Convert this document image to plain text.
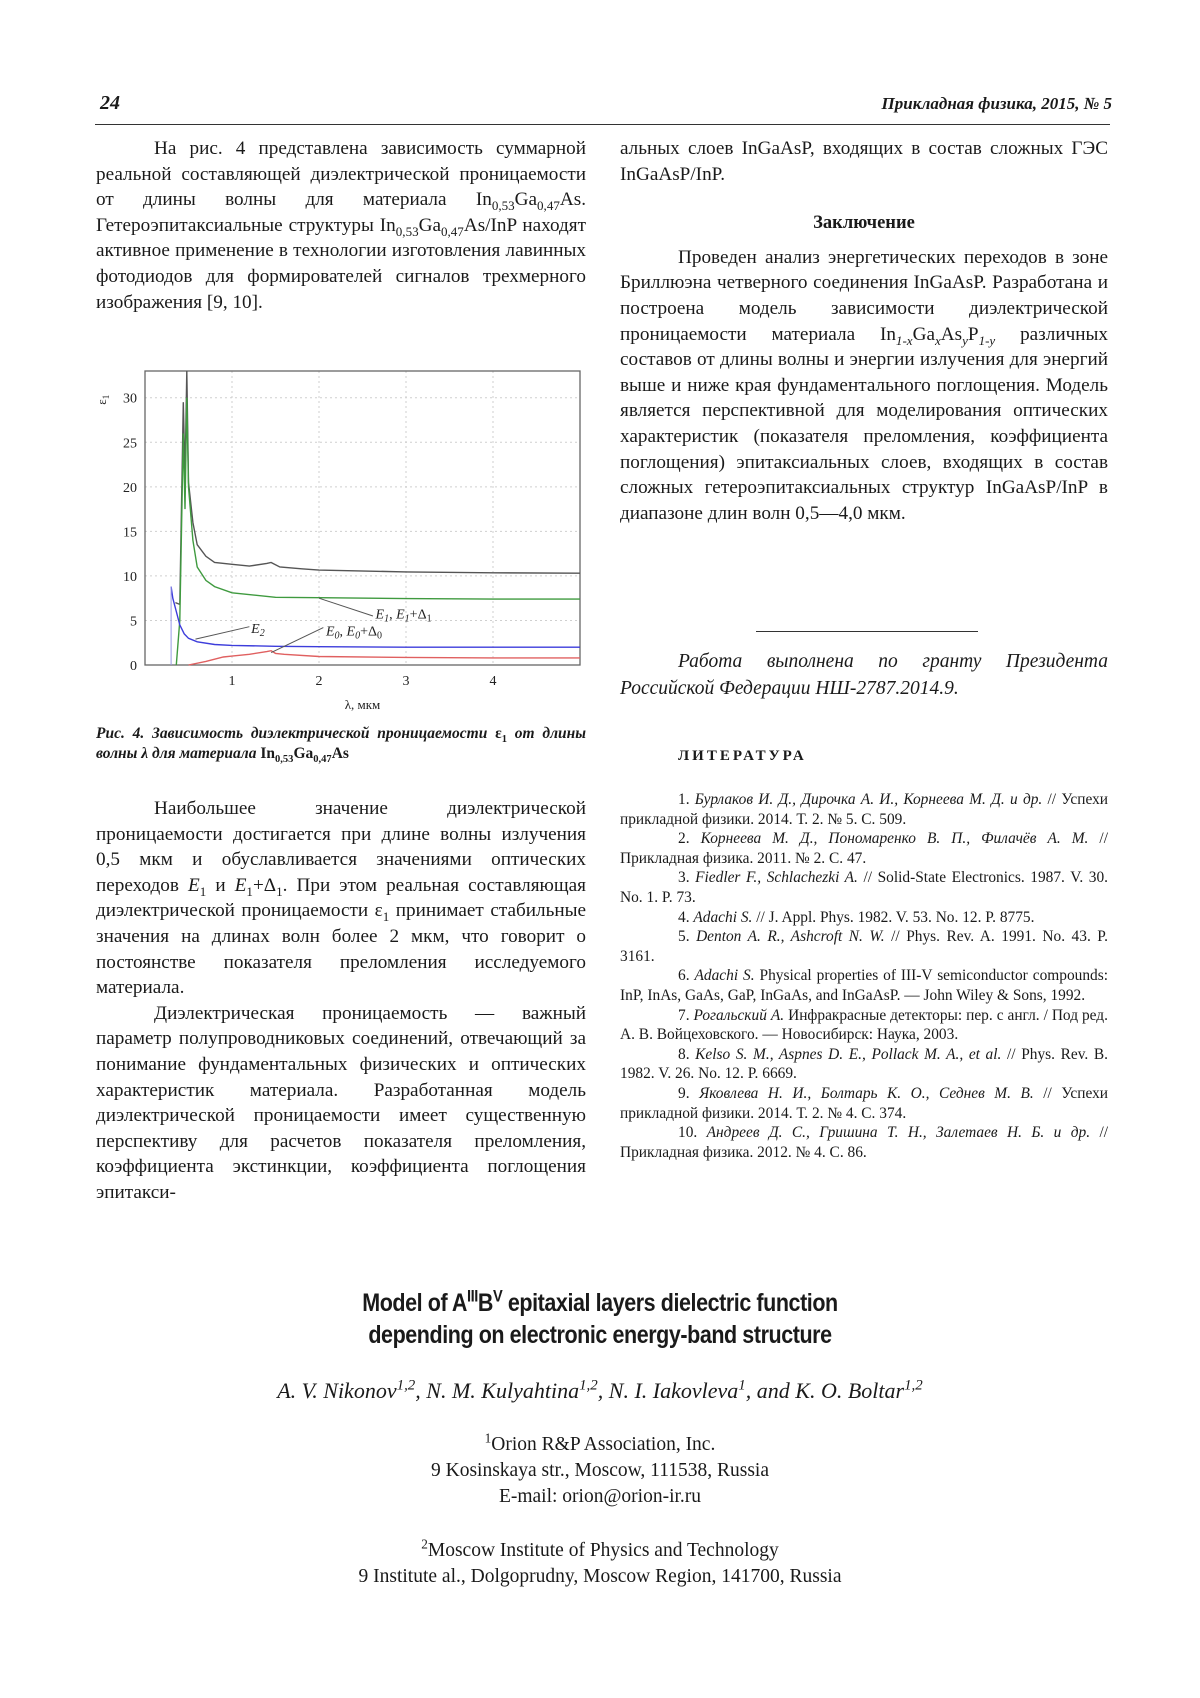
24	Прикладная физика, 2015, № 5

На рис. 4 представлена зависимость суммарной реальной составляющей диэлектрической проницаемости от длины волны для материала $In_{0,53}Ga_{0,47}As$. Гетероэпитаксиальные структуры $In_{0,53}Ga_{0,47}As$/InP находят активное применение в технологии изготовления лавинных фотодиодов для формирователей сигналов трехмерного изображения [9, 10].

1	2	3	4
0
5
10
15
20
25
30
$E_2$	$E_0$, $E_0+\Delta_0$
$E_1$, $E_1+\Delta_1$
λ, мкм
$\varepsilon_1$
Рис. 4. Зависимость диэлектрической проницаемости $\varepsilon_1$ от длины волны λ для материала $In_{0,53}Ga_{0,47}As$

Наибольшее значение диэлектрической проницаемости достигается при длине волны излучения 0,5 мкм и обуславливается значениями оптических переходов $E_1$ и $E_1+\Delta_1$. При этом реальная составляющая диэлектрической проницаемости $\varepsilon_1$ принимает стабильные значения на длинах волн более 2 мкм, что говорит о постоянстве показателя преломления исследуемого материала.

Диэлектрическая проницаемость — важный параметр полупроводниковых соединений, отвечающий за понимание фундаментальных физических и оптических характеристик материала. Разработанная модель диэлектрической проницаемости имеет существенную перспективу для расчетов показателя преломления, коэффициента экстинкции, коэффициента поглощения эпитакси-

альных слоев InGaAsP, входящих в состав сложных ГЭС InGaAsP/InP.

Заключение

Проведен анализ энергетических переходов в зоне Бриллюэна четверного соединения InGaAsP. Разработана и построена модель зависимости диэлектрической проницаемости материала $In_{1-x}Ga_xAs_yP_{1-y}$ различных составов от длины волны и энергии излучения для энергий выше и ниже края фундаментального поглощения. Модель является перспективной для моделирования оптических характеристик (показателя преломления, коэффициента поглощения) эпитаксиальных слоев, входящих в состав сложных гетероэпитаксиальных структур InGaAsP/InP в диапазоне длин волн 0,5—4,0 мкм.

Работа выполнена по гранту Президента Российской Федерации НШ-2787.2014.9.

ЛИТЕРАТУРА

1. Бурлаков И. Д., Дирочка А. И., Корнеева М. Д. и др. // Успехи прикладной физики. 2014. Т. 2. № 5. С. 509.

2. Корнеева М. Д., Пономаренко В. П., Филачёв А. М. // Прикладная физика. 2011. № 2. С. 47.

3. Fiedler F., Schlachezki A. // Solid-State Electronics. 1987. V. 30. No. 1. P. 73.

4. Adachi S. // J. Appl. Phys. 1982. V. 53. No. 12. P. 8775.

5. Denton A. R., Ashcroft N. W. // Phys. Rev. A. 1991. No. 43. P. 3161.

6. Adachi S. Physical properties of III-V semiconductor compounds: InP, InAs, GaAs, GaP, InGaAs, and InGaAsP. — John Wiley & Sons, 1992.

7. Рогальский А. Инфракрасные детекторы: пер. с англ. / Под ред. А. В. Войцеховского. — Новосибирск: Наука, 2003.

8. Kelso S. M., Aspnes D. E., Pollack M. A., et al. // Phys. Rev. B. 1982. V. 26. No. 12. P. 6669.

9. Яковлева Н. И., Болтарь К. О., Седнев М. В. // Успехи прикладной физики. 2014. Т. 2. № 4. С. 374.

10. Андреев Д. С., Гришина Т. Н., Залетаев Н. Б. и др. // Прикладная физика. 2012. № 4. С. 86.

Model of $A^{III}B^V$ epitaxial layers dielectric function
depending on electronic energy-band structure
A. V. Nikonov$^{1,2}$, N. M. Kulyahtina$^{1,2}$, N. I. Iakovleva$^1$, and K. O. Boltar$^{1,2}$
$^1$Orion R&P Association, Inc.
9 Kosinskaya str., Moscow, 111538, Russia
E-mail: orion@orion-ir.ru
$^2$Moscow Institute of Physics and Technology
9 Institute al., Dolgoprudny, Moscow Region, 141700, Russia
